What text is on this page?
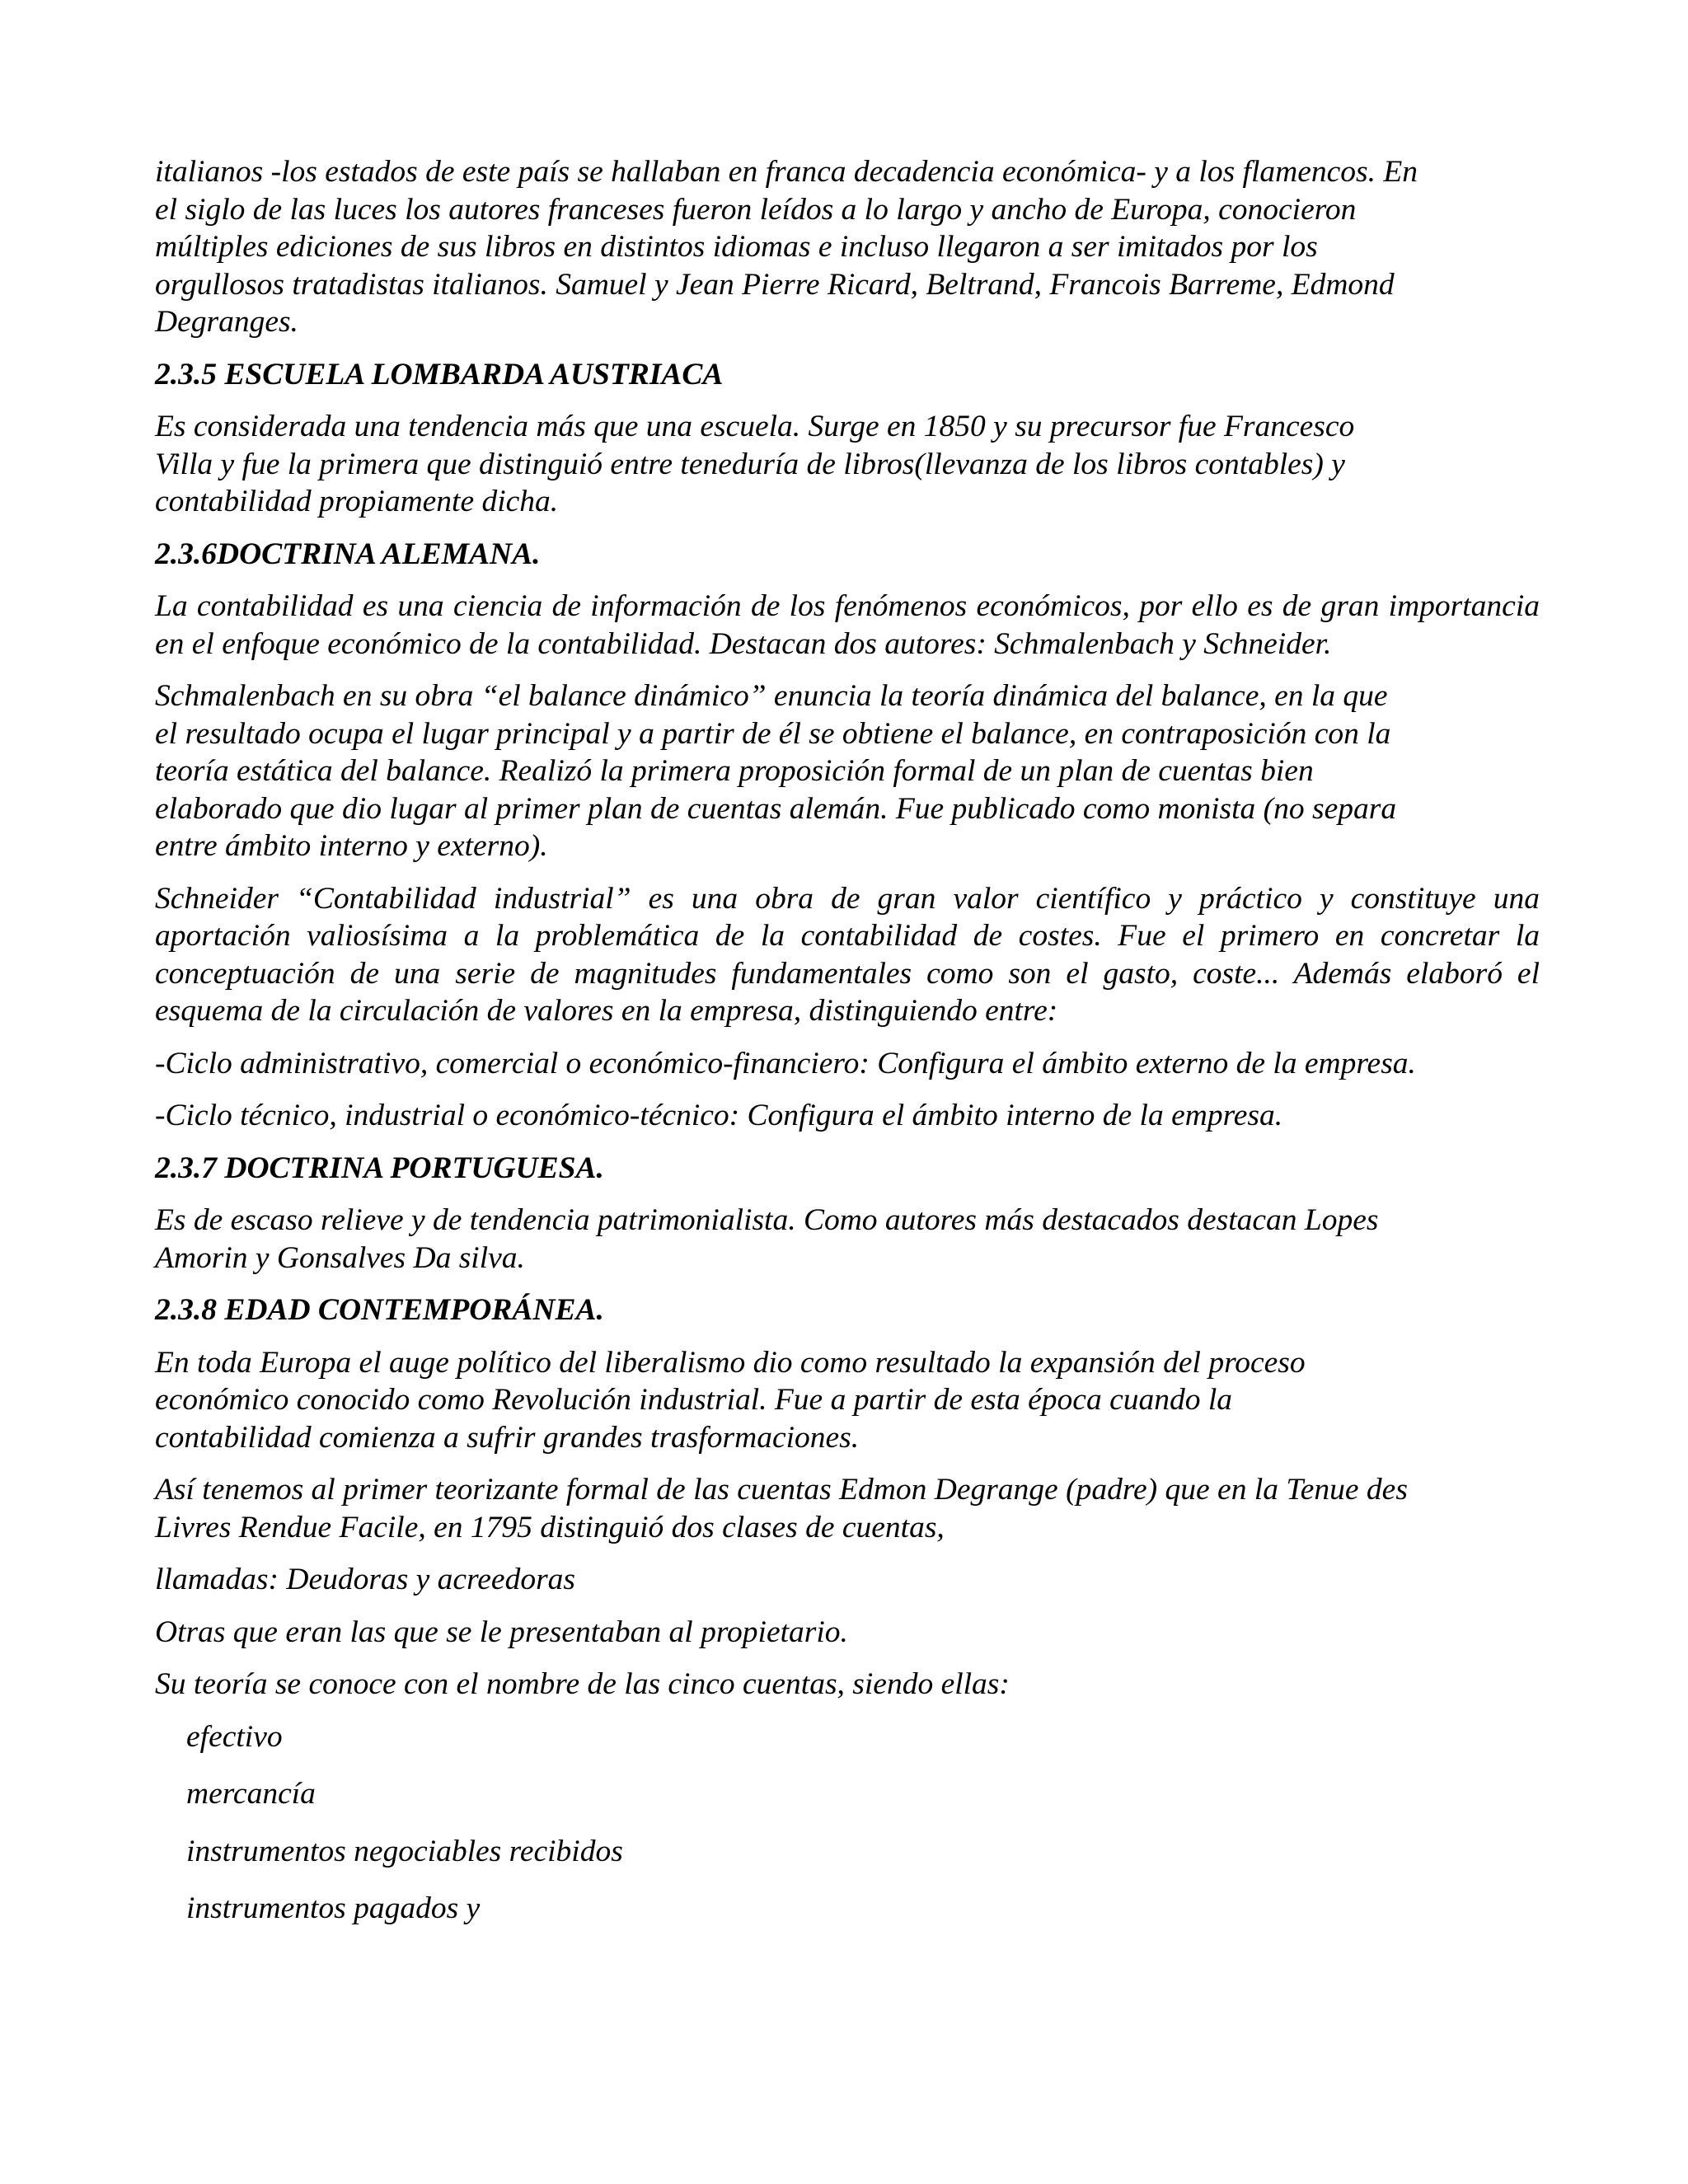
italianos -los estados de este país se hallaban en franca decadencia económica- y a los flamencos. En
el siglo de las luces los autores franceses fueron leídos a lo largo y ancho de Europa, conocieron
múltiples ediciones de sus libros en distintos idiomas e incluso llegaron a ser imitados por los
orgullosos tratadistas italianos. Samuel y Jean Pierre Ricard, Beltrand, Francois Barreme, Edmond
Degranges.

2.3.5 ESCUELA LOMBARDA AUSTRIACA

Es considerada una tendencia más que una escuela. Surge en 1850 y su precursor fue Francesco
Villa y fue la primera que distinguió entre teneduría de libros(llevanza de los libros contables) y
contabilidad propiamente dicha.

2.3.6DOCTRINA ALEMANA.

La contabilidad es una ciencia de información de los fenómenos económicos, por ello es de gran importancia en el enfoque económico de la contabilidad. Destacan dos autores: Schmalenbach y Schneider.

Schmalenbach en su obra “el balance dinámico” enuncia la teoría dinámica del balance, en la que
el resultado ocupa el lugar principal y a partir de él se obtiene el balance, en contraposición con la
teoría estática del balance. Realizó la primera proposición formal de un plan de cuentas bien
elaborado que dio lugar al primer plan de cuentas alemán. Fue publicado como monista (no separa
entre ámbito interno y externo).

Schneider “Contabilidad industrial” es una obra de gran valor científico y práctico y constituye una aportación valiosísima a la problemática de la contabilidad de costes. Fue el primero en concretar la conceptuación de una serie de magnitudes fundamentales como son el gasto, coste... Además elaboró el esquema de la circulación de valores en la empresa, distinguiendo entre:

-Ciclo administrativo, comercial o económico-financiero: Configura el ámbito externo de la empresa.

-Ciclo técnico, industrial o económico-técnico: Configura el ámbito interno de la empresa.

2.3.7 DOCTRINA PORTUGUESA.

Es de escaso relieve y de tendencia patrimonialista. Como autores más destacados destacan Lopes
Amorin y Gonsalves Da silva.

2.3.8 EDAD CONTEMPORÁNEA.

En toda Europa el auge político del liberalismo dio como resultado la expansión del proceso
económico conocido como Revolución industrial. Fue a partir de esta época cuando la
contabilidad comienza a sufrir grandes trasformaciones.

Así tenemos al primer teorizante formal de las cuentas Edmon Degrange (padre) que en la Tenue des
Livres Rendue Facile, en 1795 distinguió dos clases de cuentas,

llamadas: Deudoras y acreedoras

Otras que eran las que se le presentaban al propietario.

Su teoría se conoce con el nombre de las cinco cuentas, siendo ellas:

efectivo
mercancía
instrumentos negociables recibidos
instrumentos pagados y
